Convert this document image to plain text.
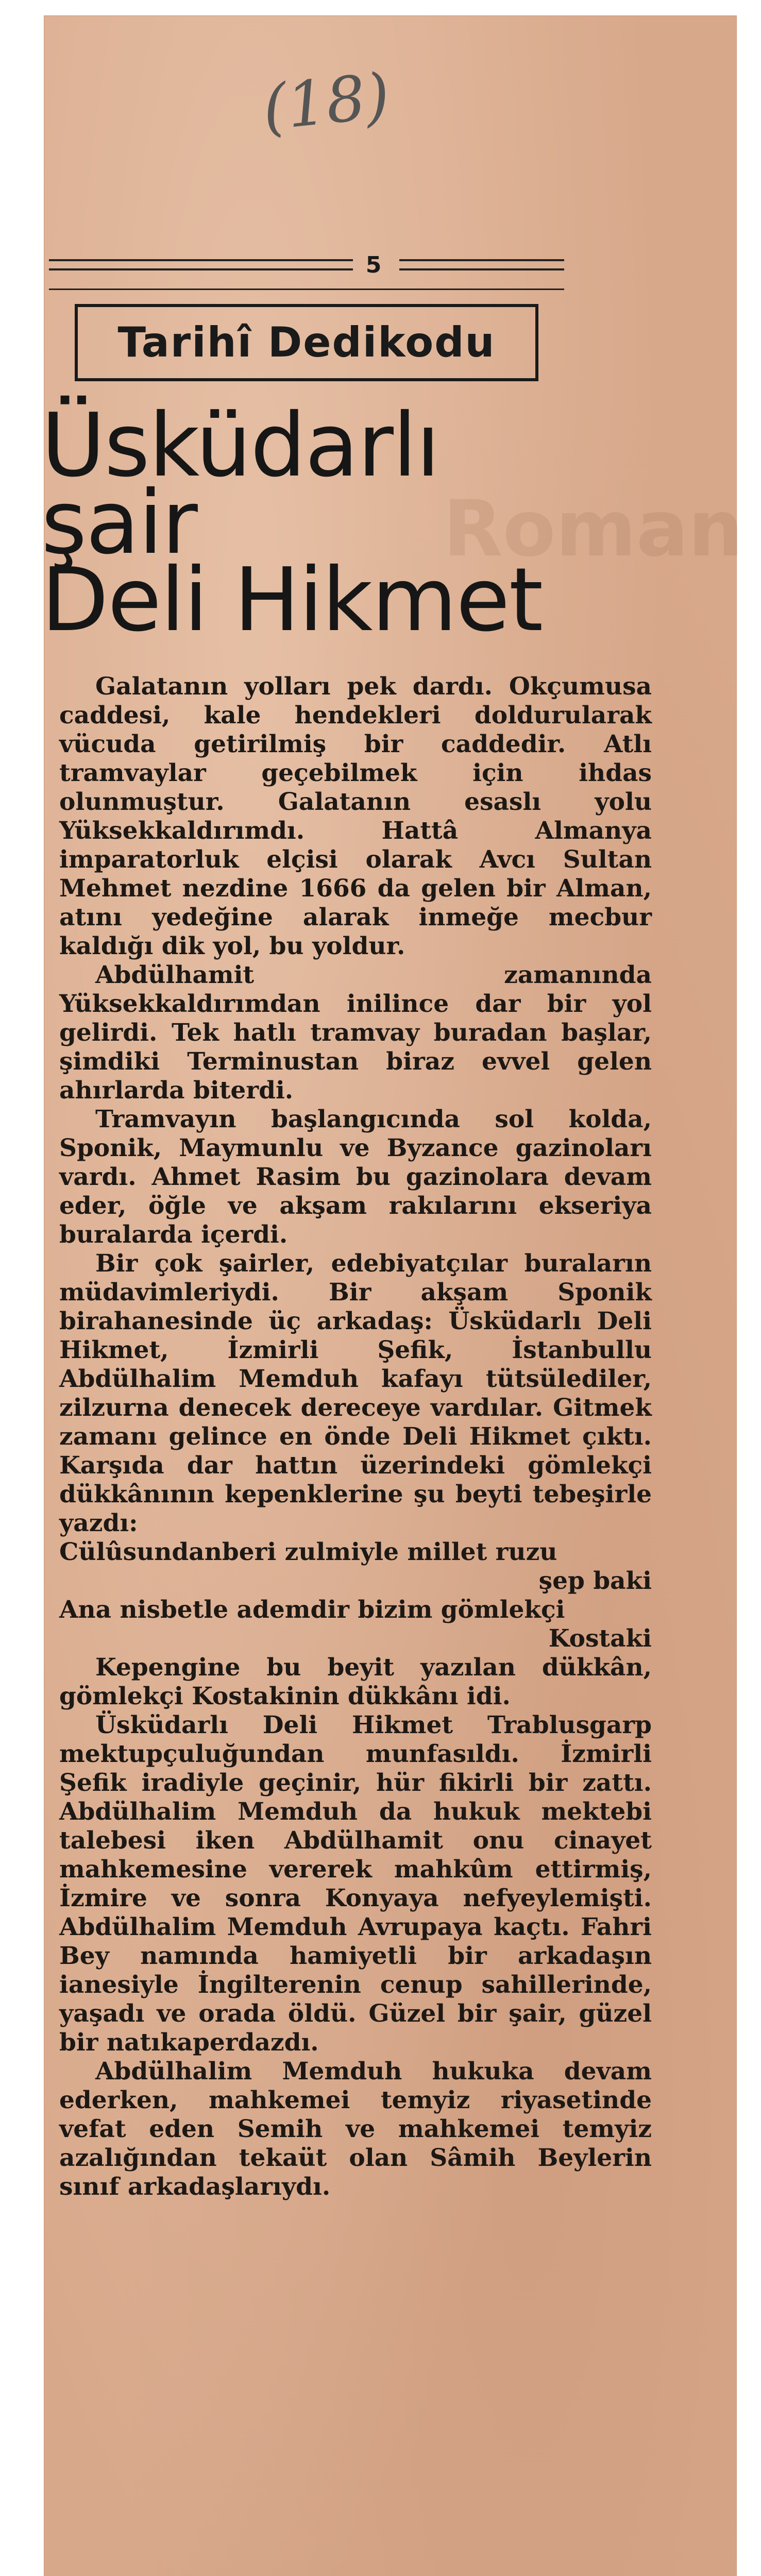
(18)
5
Tarihî Dedikodu
Roman
Üsküdarlı
şair
Deli Hikmet

Galatanın yolları pek dardı. Okçumusa caddesi, kale hendekleri doldurularak vücuda getirilmiş bir caddedir. Atlı tramvaylar geçebilmek için ihdas olunmuştur. Galatanın esaslı yolu Yüksekkaldırımdı. Hattâ Almanya imparatorluk elçisi olarak Avcı Sultan Mehmet nezdine 1666 da gelen bir Alman, atını yedeğine alarak inmeğe mecbur kaldığı dik yol, bu yoldur.

Abdülhamit zamanında Yüksekkaldırımdan inilince dar bir yol gelirdi. Tek hatlı tramvay buradan başlar, şimdiki Terminustan biraz evvel gelen ahırlarda biterdi.

Tramvayın başlangıcında sol kolda, Sponik, Maymunlu ve Byzance gazinoları vardı. Ahmet Rasim bu gazinolara devam eder, öğle ve akşam rakılarını ekseriya buralarda içerdi.

Bir çok şairler, edebiyatçılar buraların müdavimleriydi. Bir akşam Sponik birahanesinde üç arkadaş: Üsküdarlı Deli Hikmet, İzmirli Şefik, İstanbullu Abdülhalim Memduh kafayı tütsülediler, zilzurna denecek dereceye vardılar. Gitmek zamanı gelince en önde Deli Hikmet çıktı. Karşıda dar hattın üzerindeki gömlekçi dükkânının kepenklerine şu beyti tebeşirle yazdı:

Cülûsundanberi zulmiyle millet ruzu
şep baki
Ana nisbetle ademdir bizim gömlekçi
Kostaki

Kepengine bu beyit yazılan dükkân, gömlekçi Kostakinin dükkânı idi.

Üsküdarlı Deli Hikmet Trablusgarp mektupçuluğundan munfasıldı. İzmirli Şefik iradiyle geçinir, hür fikirli bir zattı. Abdülhalim Memduh da hukuk mektebi talebesi iken Abdülhamit onu cinayet mahkemesine vererek mahkûm ettirmiş, İzmire ve sonra Konyaya nefyeylemişti. Abdülhalim Memduh Avrupaya kaçtı. Fahri Bey namında hamiyetli bir arkadaşın ianesiyle İngilterenin cenup sahillerinde, yaşadı ve orada öldü. Güzel bir şair, güzel bir natıkaperdazdı.

Abdülhalim Memduh hukuka devam ederken, mahkemei temyiz riyasetinde vefat eden Semih ve mahkemei temyiz azalığından tekaüt olan Sâmih Beylerin sınıf arkadaşlarıydı.
